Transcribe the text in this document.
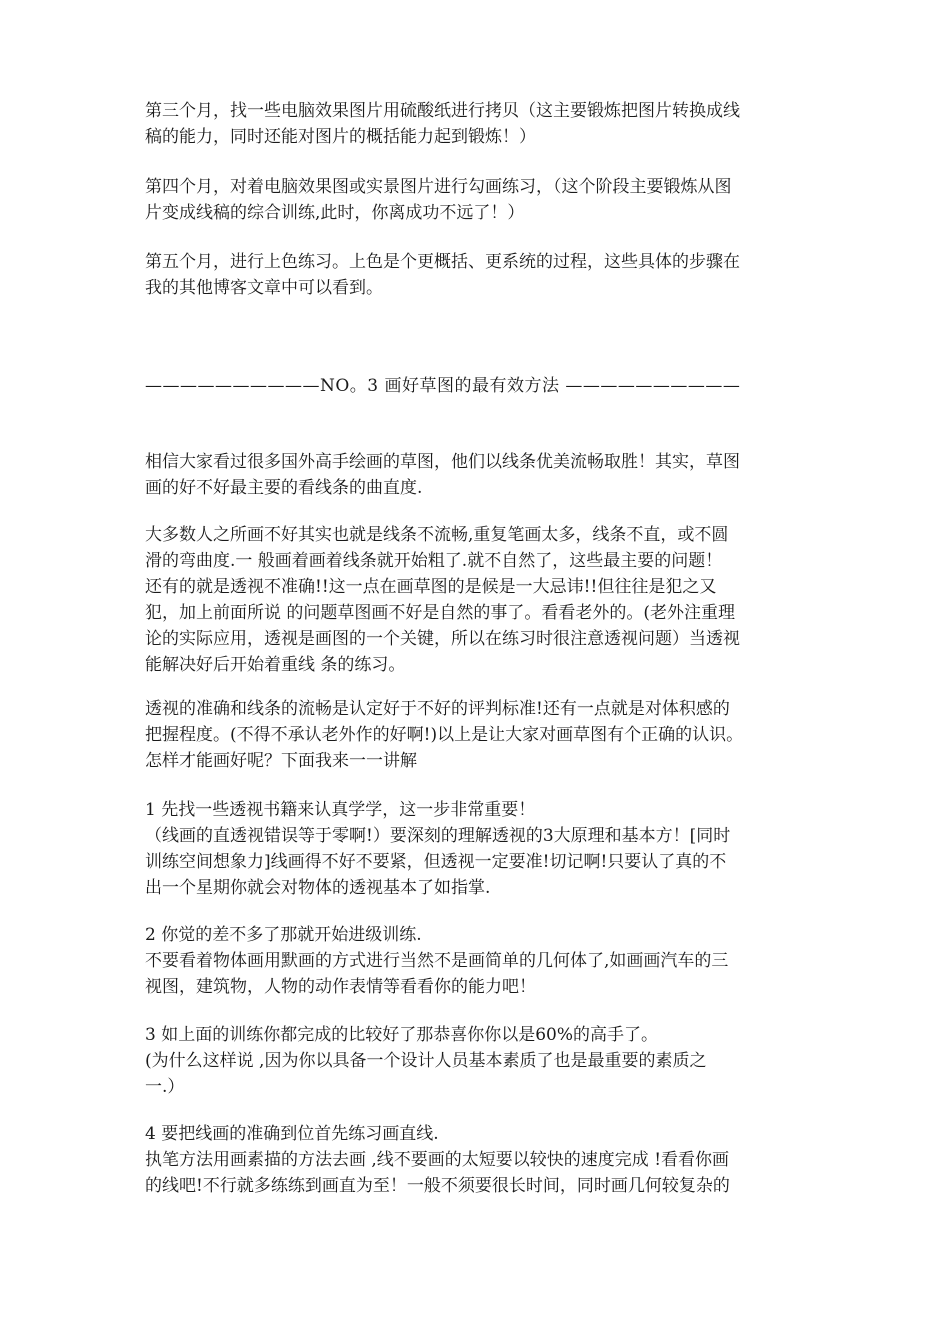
第三个月，找一些电脑效果图片用硫酸纸进行拷贝（这主要锻炼把图片转换成线
稿的能力，同时还能对图片的概括能力起到锻炼！）
第四个月，对着电脑效果图或实景图片进行勾画练习，（这个阶段主要锻炼从图
片变成线稿的综合训练,此时，你离成功不远了！）
第五个月，进行上色练习。上色是个更概括、更系统的过程，这些具体的步骤在
我的其他博客文章中可以看到。
——————————NO。3 画好草图的最有效方法 ——————————
相信大家看过很多国外高手绘画的草图，他们以线条优美流畅取胜！其实，草图
画的好不好最主要的看线条的曲直度.
大多数人之所画不好其实也就是线条不流畅,重复笔画太多，线条不直，或不圆
滑的弯曲度.一 般画着画着线条就开始粗了.就不自然了，这些最主要的问题！
还有的就是透视不准确!!这一点在画草图的是候是一大忌讳!!但往往是犯之又
犯，加上前面所说 的问题草图画不好是自然的事了。看看老外的。(老外注重理
论的实际应用，透视是画图的一个关键，所以在练习时很注意透视问题）当透视
能解决好后开始着重线 条的练习。
透视的准确和线条的流畅是认定好于不好的评判标准!还有一点就是对体积感的
把握程度。(不得不承认老外作的好啊!)以上是让大家对画草图有个正确的认识。
怎样才能画好呢？下面我来一一讲解
1 先找一些透视书籍来认真学学，这一步非常重要！
（线画的直透视错误等于零啊!）要深刻的理解透视的3大原理和基本方！[同时
训练空间想象力]线画得不好不要紧，但透视一定要准!切记啊!只要认了真的不
出一个星期你就会对物体的透视基本了如指掌.
2 你觉的差不多了那就开始进级训练.
不要看着物体画用默画的方式进行当然不是画简单的几何体了,如画画汽车的三
视图，建筑物，人物的动作表情等看看你的能力吧！
3 如上面的训练你都完成的比较好了那恭喜你你以是60%的高手了。
(为什么这样说 ,因为你以具备一个设计人员基本素质了也是最重要的素质之
一.）
4 要把线画的准确到位首先练习画直线.
执笔方法用画素描的方法去画 ,线不要画的太短要以较快的速度完成 !看看你画
的线吧!不行就多练练到画直为至！一般不须要很长时间，同时画几何较复杂的
